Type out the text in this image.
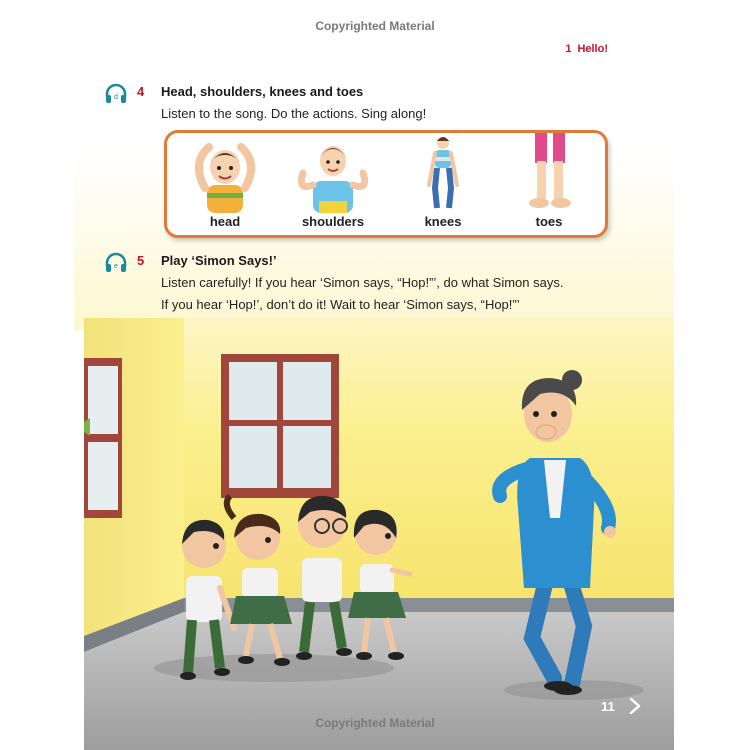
Copyrighted Material
1 Hello!
d 4 Head, shoulders, knees and toes
Listen to the song. Do the actions. Sing along!
head	shoulders	knees	toes
e 5 Play ‘Simon Says!’
Listen carefully! If you hear ‘Simon says, “Hop!”’, do what Simon says.
If you hear ‘Hop!’, don’t do it! Wait to hear ‘Simon says, “Hop!”’
11
Copyrighted Material
